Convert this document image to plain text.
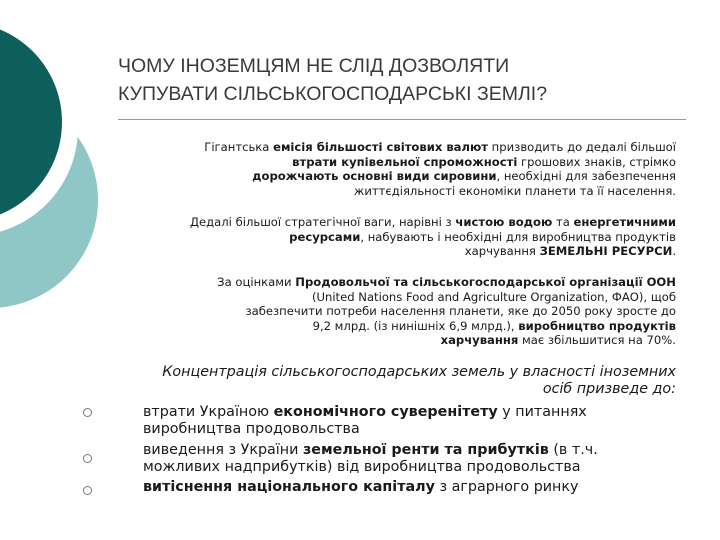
ЧОМУ ІНОЗЕМЦЯМ НЕ СЛІД ДОЗВОЛЯТИ
КУПУВАТИ СІЛЬСЬКОГОСПОДАРСЬКІ ЗЕМЛІ?

Гігантська емісія більшості світових валют призводить до дедалі більшої
втрати купівельної спроможності грошових знаків, стрімко
дорожчають основні види сировини, необхідні для забезпечення
життєдіяльності економіки планети та її населення.

Дедалі більшої стратегічної ваги, нарівні з чистою водою та енергетичними
ресурсами, набувають і необхідні для виробництва продуктів
харчування ЗЕМЕЛЬНІ РЕСУРСИ.

За оцінками Продовольчої та сільськогосподарської організації ООН
(United Nations Food and Agriculture Organization, ФАО), щоб
забезпечити потреби населення планети, яке до 2050 року зросте до
9,2 млрд. (із нинішніх 6,9 млрд.), виробництво продуктів
харчування має збільшитися на 70%.

Концентрація сільськогосподарських земель у власності іноземних
осіб призведе до:
втрати Україною економічного суверенітету у питаннях
виробництва продовольства
виведення з України земельної ренти та прибутків (в т.ч.
можливих надприбутків) від виробництва продовольства
витіснення національного капіталу з аграрного ринку
